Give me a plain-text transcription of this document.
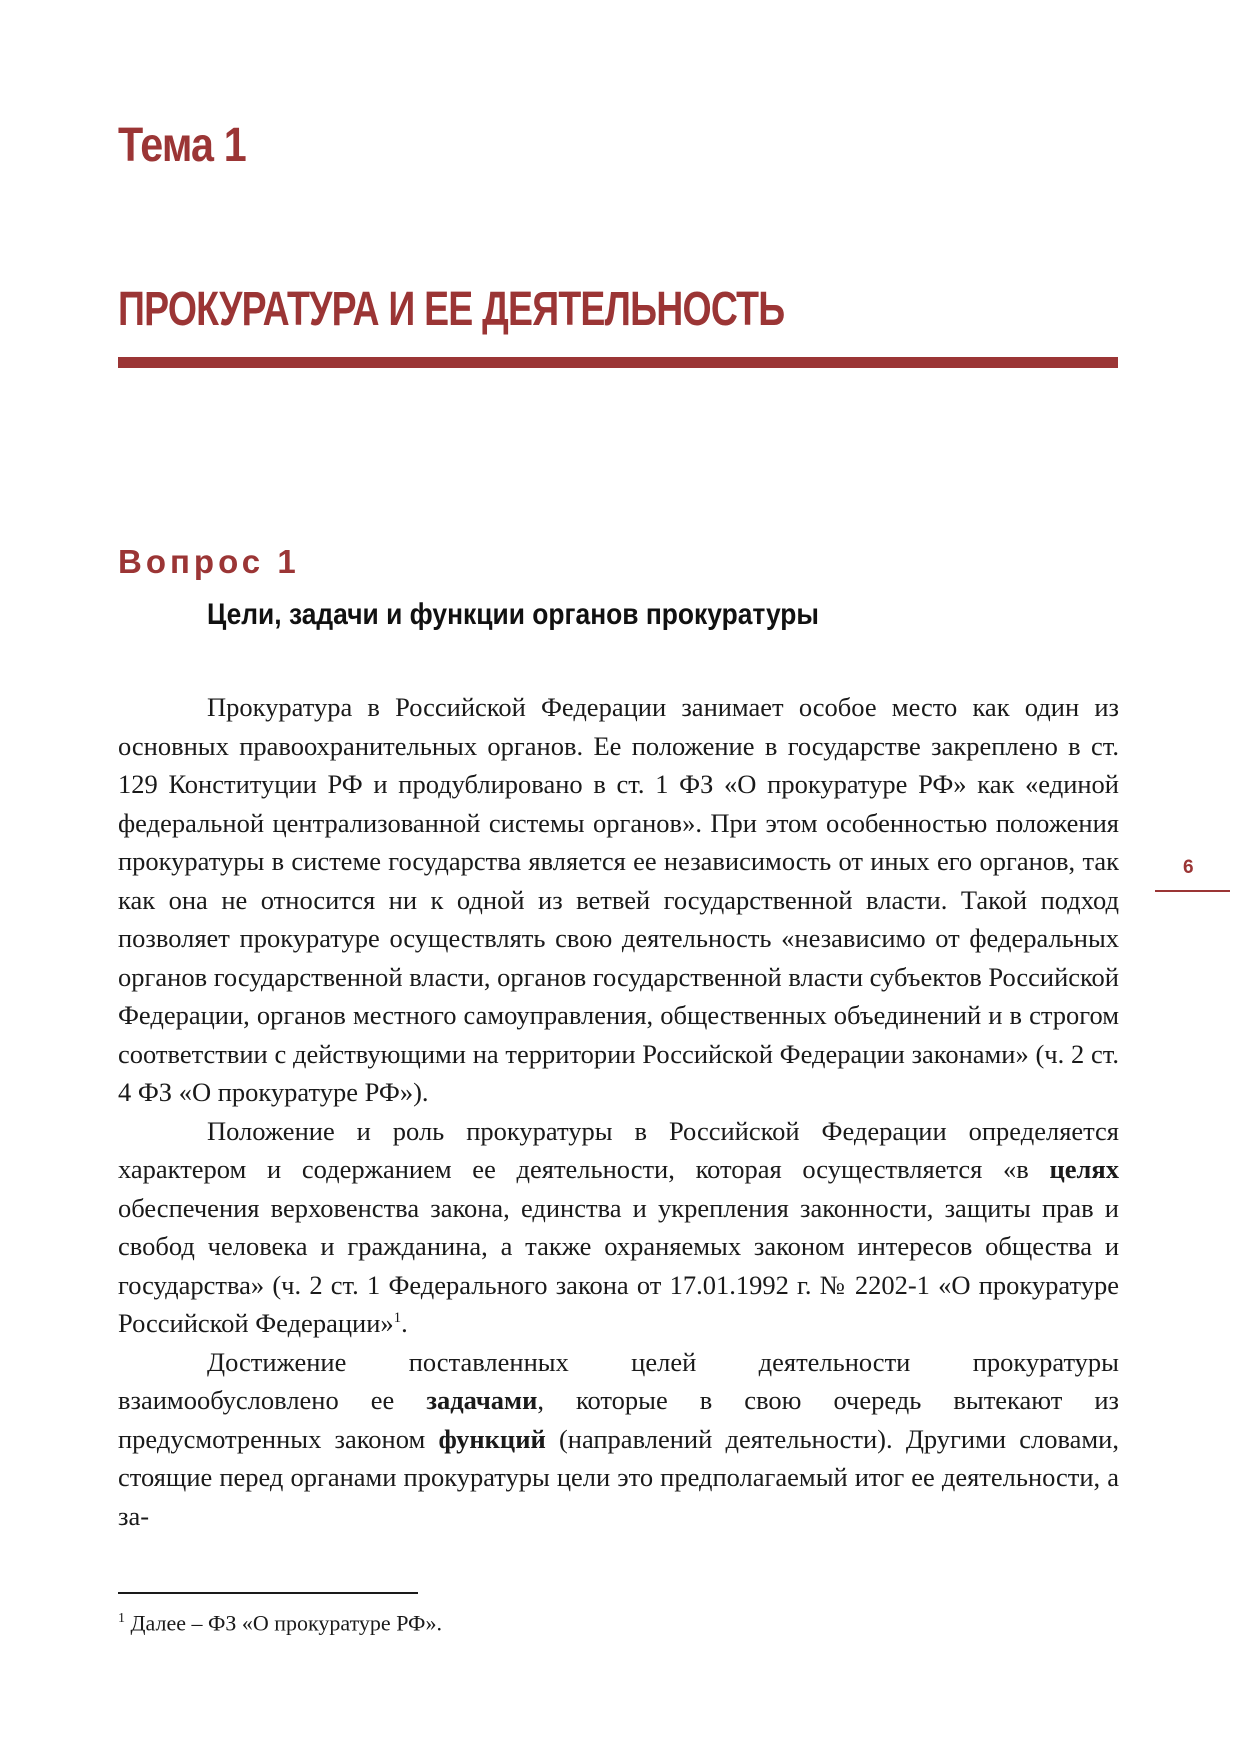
Тема 1
ПРОКУРАТУРА И ЕЕ ДЕЯТЕЛЬНОСТЬ
Вопрос 1
Цели, задачи и функции органов прокуратуры

Прокуратура в Российской Федерации занимает особое место как один из основных правоохранительных органов. Ее положение в государстве закреплено в ст. 129 Конституции РФ и продублировано в ст. 1 ФЗ «О прокуратуре РФ» как «единой федеральной централизованной системы органов». При этом особенностью положения прокуратуры в системе государства является ее независимость от иных его органов, так как она не относится ни к одной из ветвей государственной власти. Такой подход позволяет прокуратуре осуществлять свою деятельность «независимо от федеральных органов государственной власти, органов государственной власти субъектов Российской Федерации, органов местного самоуправления, общественных объединений и в строгом соответствии с действующими на территории Российской Федерации законами» (ч. 2 ст. 4 ФЗ «О прокуратуре РФ»).

Положение и роль прокуратуры в Российской Федерации определяется характером и содержанием ее деятельности, которая осуществляется «в целях обеспечения верховенства закона, единства и укрепления законности, защиты прав и свобод человека и гражданина, а также охраняемых законом интересов общества и государства» (ч. 2 ст. 1 Федерального закона от 17.01.1992 г. № 2202-1 «О прокуратуре Российской Федерации»$^1$.

Достижение поставленных целей деятельности прокуратуры взаимообусловлено ее задачами, которые в свою очередь вытекают из предусмотренных законом функций (направлений деятельности). Другими словами, стоящие перед органами прокуратуры цели это предполагаемый итог ее деятельности, а за-

6
$^1$ Далее – ФЗ «О прокуратуре РФ».
